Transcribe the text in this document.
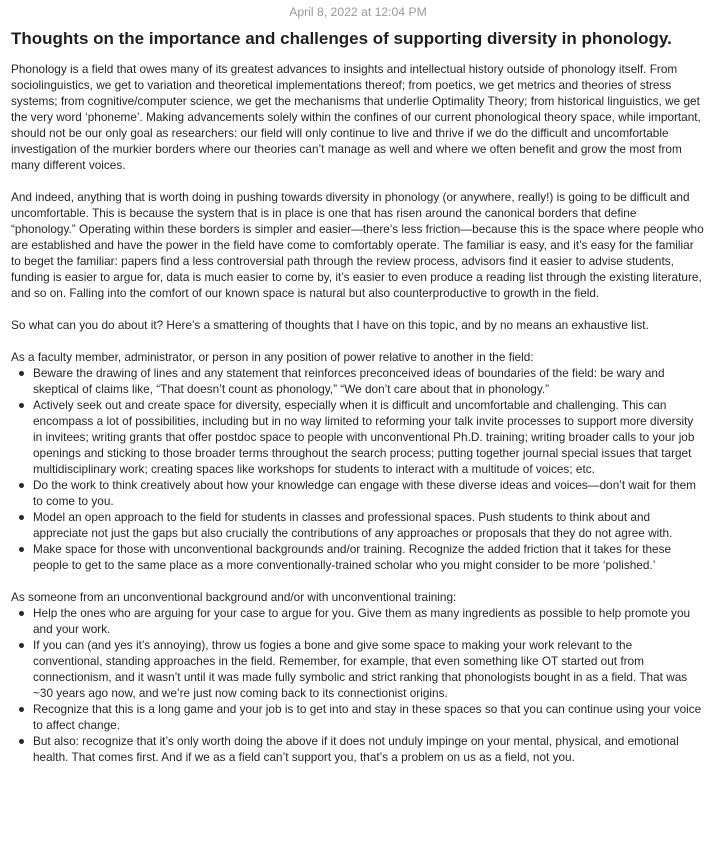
April 8, 2022 at 12:04 PM
Thoughts on the importance and challenges of supporting diversity in phonology.

Phonology is a field that owes many of its greatest advances to insights and intellectual history outside of phonology itself. From sociolinguistics, we get to variation and theoretical implementations thereof; from poetics, we get metrics and theories of stress systems; from cognitive/computer science, we get the mechanisms that underlie Optimality Theory; from historical linguistics, we get the very word ‘phoneme’. Making advancements solely within the confines of our current phonological theory space, while important, should not be our only goal as researchers: our field will only continue to live and thrive if we do the difficult and uncomfortable investigation of the murkier borders where our theories can’t manage as well and where we often benefit and grow the most from many different voices.

And indeed, anything that is worth doing in pushing towards diversity in phonology (or anywhere, really!) is going to be difficult and uncomfortable. This is because the system that is in place is one that has risen around the canonical borders that define “phonology.” Operating within these borders is simpler and easier—there’s less friction—because this is the space where people who are established and have the power in the field have come to comfortably operate. The familiar is easy, and it’s easy for the familiar to beget the familiar: papers find a less controversial path through the review process, advisors find it easier to advise students, funding is easier to argue for, data is much easier to come by, it’s easier to even produce a reading list through the existing literature, and so on. Falling into the comfort of our known space is natural but also counterproductive to growth in the field.

So what can you do about it? Here’s a smattering of thoughts that I have on this topic, and by no means an exhaustive list.

As a faculty member, administrator, or person in any position of power relative to another in the field:

Beware the drawing of lines and any statement that reinforces preconceived ideas of boundaries of the field: be wary and skeptical of claims like, “That doesn’t count as phonology,” “We don’t care about that in phonology.”
Actively seek out and create space for diversity, especially when it is difficult and uncomfortable and challenging. This can encompass a lot of possibilities, including but in no way limited to reforming your talk invite processes to support more diversity in invitees; writing grants that offer postdoc space to people with unconventional Ph.D. training; writing broader calls to your job openings and sticking to those broader terms throughout the search process; putting together journal special issues that target multidisciplinary work; creating spaces like workshops for students to interact with a multitude of voices; etc.
Do the work to think creatively about how your knowledge can engage with these diverse ideas and voices—don’t wait for them to come to you.
Model an open approach to the field for students in classes and professional spaces. Push students to think about and appreciate not just the gaps but also crucially the contributions of any approaches or proposals that they do not agree with.
Make space for those with unconventional backgrounds and/or training. Recognize the added friction that it takes for these people to get to the same place as a more conventionally-trained scholar who you might consider to be more ‘polished.’

As someone from an unconventional background and/or with unconventional training:

Help the ones who are arguing for your case to argue for you. Give them as many ingredients as possible to help promote you and your work.
If you can (and yes it’s annoying), throw us fogies a bone and give some space to making your work relevant to the conventional, standing approaches in the field. Remember, for example, that even something like OT started out from connectionism, and it wasn’t until it was made fully symbolic and strict ranking that phonologists bought in as a field. That was ~30 years ago now, and we’re just now coming back to its connectionist origins.
Recognize that this is a long game and your job is to get into and stay in these spaces so that you can continue using your voice to affect change.
But also: recognize that it’s only worth doing the above if it does not unduly impinge on your mental, physical, and emotional health. That comes first. And if we as a field can’t support you, that’s a problem on us as a field, not you.
